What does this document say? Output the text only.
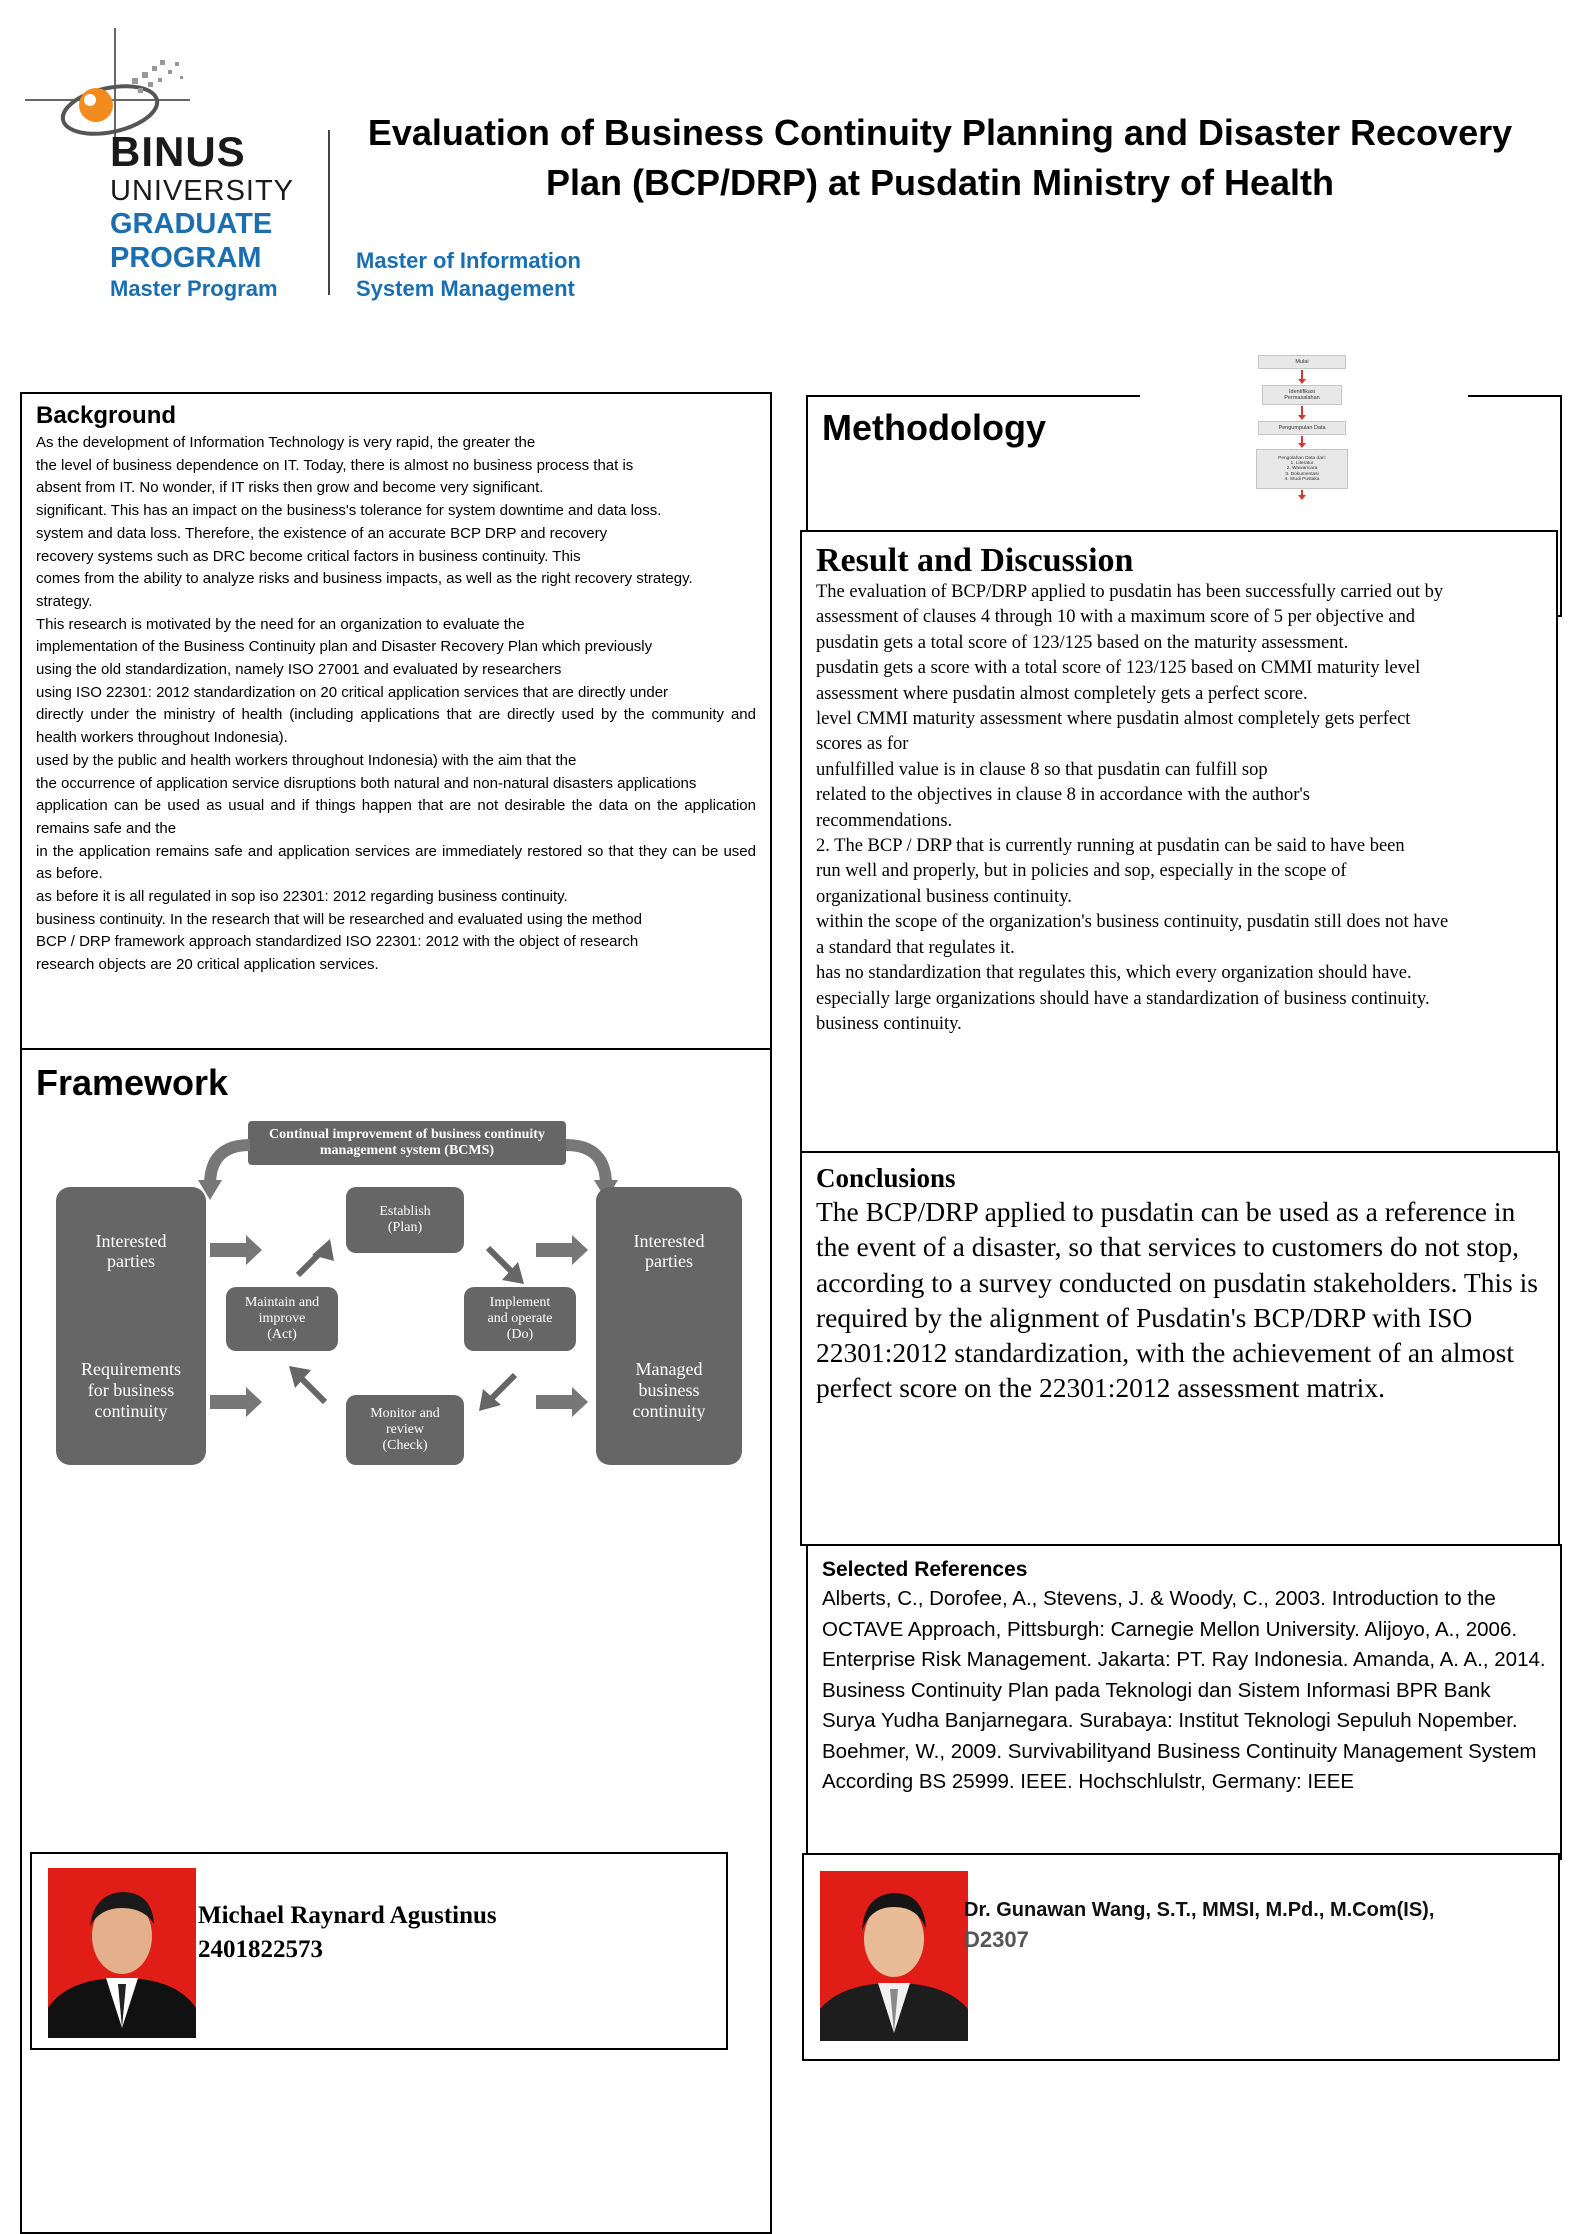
BINUS
UNIVERSITY
GRADUATE
PROGRAM
Master Program
Master of Information
System Management
Evaluation of Business Continuity Planning and Disaster Recovery
Plan (BCP/DRP) at Pusdatin Ministry of Health
Background

As the development of Information Technology is very rapid, the greater the
the level of business dependence on IT. Today, there is almost no business process that is
absent from IT. No wonder, if IT risks then grow and become very significant.
significant. This has an impact on the business's tolerance for system downtime and data loss.
system and data loss. Therefore, the existence of an accurate BCP DRP and recovery
recovery systems such as DRC become critical factors in business continuity. This
comes from the ability to analyze risks and business impacts, as well as the right recovery strategy.
strategy.
This research is motivated by the need for an organization to evaluate the
implementation of the Business Continuity plan and Disaster Recovery Plan which previously
using the old standardization, namely ISO 27001 and evaluated by researchers
using ISO 22301: 2012 standardization on 20 critical application services that are directly under
directly under the ministry of health (including applications that are directly used by the community and health workers throughout Indonesia).
used by the public and health workers throughout Indonesia) with the aim that the
the occurrence of application service disruptions both natural and non-natural disasters applications
application can be used as usual and if things happen that are not desirable the data on the application remains safe and the
in the application remains safe and application services are immediately restored so that they can be used as before.
as before it is all regulated in sop iso 22301: 2012 regarding business continuity.
business continuity. In the research that will be researched and evaluated using the method
BCP / DRP framework approach standardized ISO 22301: 2012 with the object of research
research objects are 20 critical application services.

Framework
Continual improvement of business continuity
management system (BCMS)
Interested
parties
Requirements
for business
continuity
Interested
parties
Managed
business
continuity
Establish
(Plan)
Implement
and operate
(Do)
Monitor and
review
(Check)
Maintain and
improve
(Act)
Michael Raynard Agustinus
2401822573
Methodology
Mulai
Identifikasi
Permasalahan
Pengumpulan Data
Pengolahan Data dari:
1. Literatur
2. Wawancara
3. Dokumentasi
4. Studi Pustaka
Result and Discussion

The evaluation of BCP/DRP applied to pusdatin has been successfully carried out by
assessment of clauses 4 through 10 with a maximum score of 5 per objective and
pusdatin gets a total score of 123/125 based on the maturity assessment.
pusdatin gets a score with a total score of 123/125 based on CMMI maturity level
assessment where pusdatin almost completely gets a perfect score.
level CMMI maturity assessment where pusdatin almost completely gets perfect
scores as for
unfulfilled value is in clause 8 so that pusdatin can fulfill sop
related to the objectives in clause 8 in accordance with the author's
recommendations.
2. The BCP / DRP that is currently running at pusdatin can be said to have been
run well and properly, but in policies and sop, especially in the scope of
organizational business continuity.
within the scope of the organization's business continuity, pusdatin still does not have
a standard that regulates it.
has no standardization that regulates this, which every organization should have.
especially large organizations should have a standardization of business continuity.
business continuity.

Conclusions

The BCP/DRP applied to pusdatin can be used as a reference in the event of a disaster, so that services to customers do not stop, according to a survey conducted on pusdatin stakeholders. This is required by the alignment of Pusdatin's BCP/DRP with ISO 22301:2012 standardization, with the achievement of an almost perfect score on the 22301:2012 assessment matrix.

Selected References

Alberts, C., Dorofee, A., Stevens, J. & Woody, C., 2003. Introduction to the OCTAVE Approach, Pittsburgh: Carnegie Mellon University. Alijoyo, A., 2006. Enterprise Risk Management. Jakarta: PT. Ray Indonesia. Amanda, A. A., 2014. Business Continuity Plan pada Teknologi dan Sistem Informasi BPR Bank Surya Yudha Banjarnegara. Surabaya: Institut Teknologi Sepuluh Nopember. Boehmer, W., 2009. Survivabilityand Business Continuity Management System According BS 25999. IEEE. Hochschlulstr, Germany: IEEE

Dr. Gunawan Wang, S.T., MMSI, M.Pd., M.Com(IS),
D2307
